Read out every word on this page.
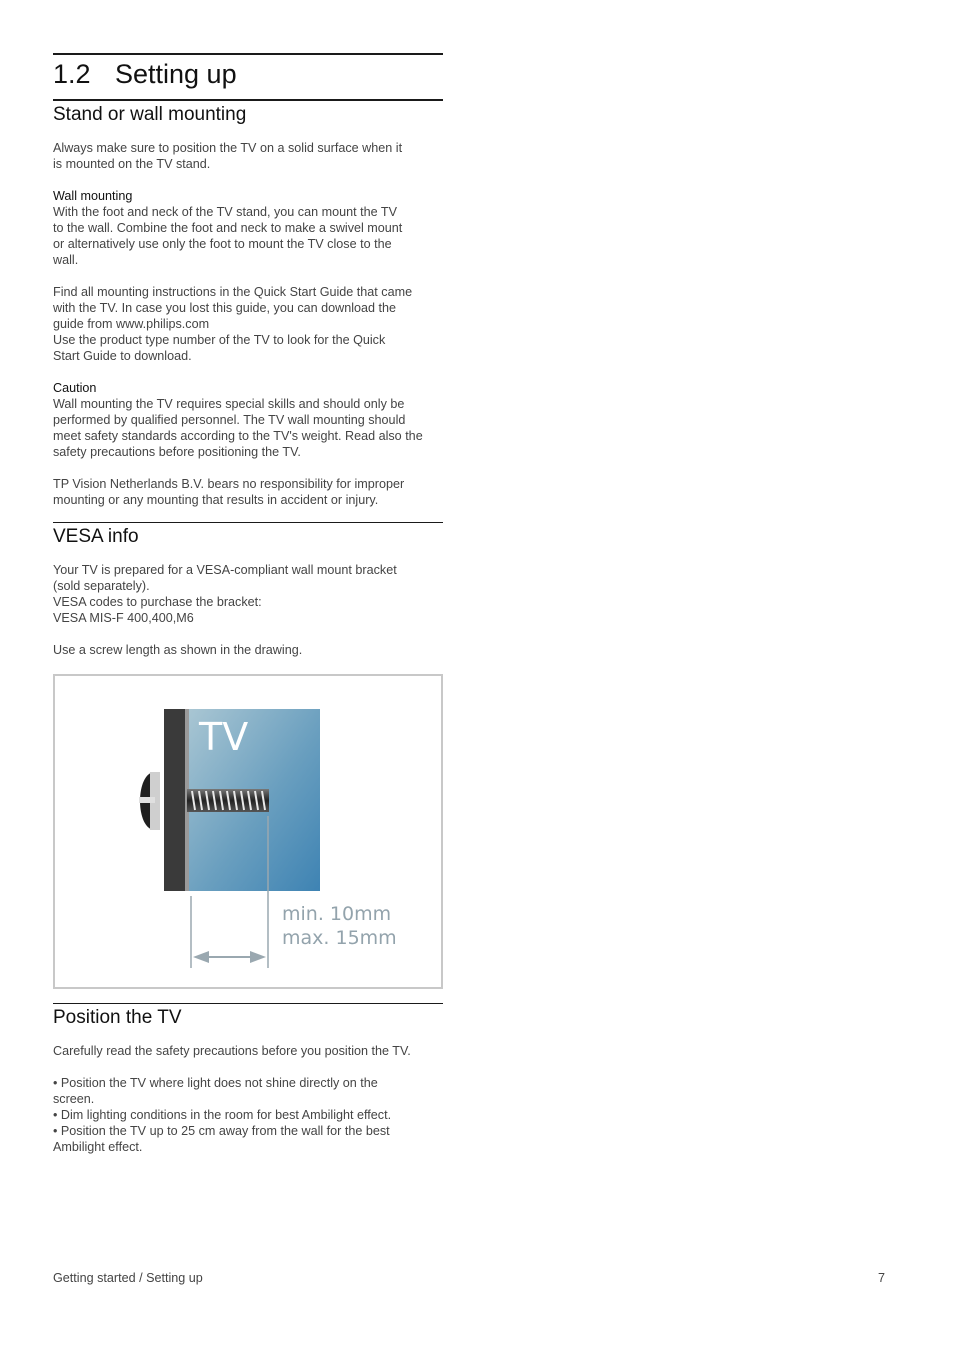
1.2 Setting up
Stand or wall mounting

Always make sure to position the TV on a solid surface when it

is mounted on the TV stand.

Wall mounting

With the foot and neck of the TV stand, you can mount the TV

to the wall. Combine the foot and neck to make a swivel mount

or alternatively use only the foot to mount the TV close to the

wall.

Find all mounting instructions in the Quick Start Guide that came

with the TV. In case you lost this guide, you can download the

guide from www.philips.com

Use the product type number of the TV to look for the Quick

Start Guide to download.

Caution

Wall mounting the TV requires special skills and should only be

performed by qualified personnel. The TV wall mounting should

meet safety standards according to the TV's weight. Read also the

safety precautions before positioning the TV.

TP Vision Netherlands B.V. bears no responsibility for improper

mounting or any mounting that results in accident or injury.

VESA info

Your TV is prepared for a VESA-compliant wall mount bracket

(sold separately).

VESA codes to purchase the bracket:

VESA MIS-F 400,400,M6

Use a screw length as shown in the drawing.

TV
min. 10mm
max. 15mm
Position the TV

Carefully read the safety precautions before you position the TV.

• Position the TV where light does not shine directly on the

screen.

• Dim lighting conditions in the room for best Ambilight effect.

• Position the TV up to 25 cm away from the wall for the best

Ambilight effect.

Getting started / Setting up	7
